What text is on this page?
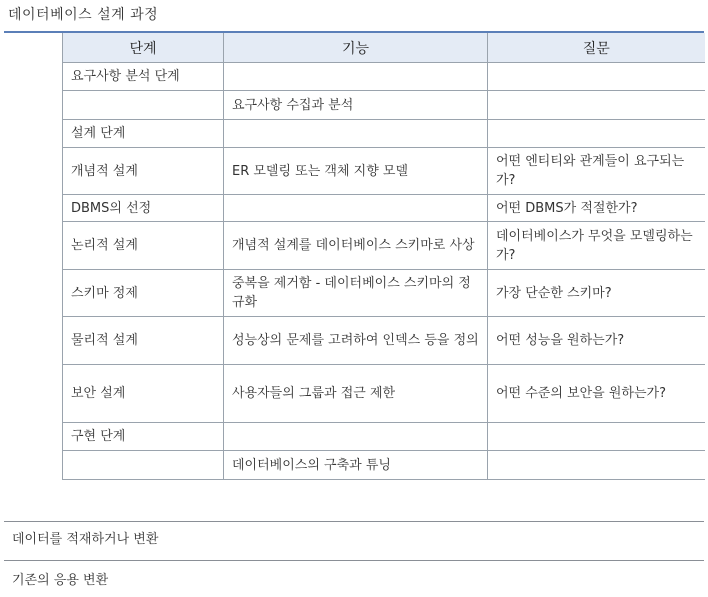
데이터베이스 설계 과정
단계	기능	질문
요구사항 분석 단계		
	요구사항 수집과 분석	
설계 단계		
개념적 설계	ER 모델링 또는 객체 지향 모델	어떤 엔티티와 관계들이 요구되는가?
DBMS의 선정		어떤 DBMS가 적절한가?
논리적 설계	개념적 설계를 데이터베이스 스키마로 사상	데이터베이스가 무엇을 모델링하는가?
스키마 정제	중복을 제거함 - 데이터베이스 스키마의 정규화	가장 단순한 스키마?
물리적 설계	성능상의 문제를 고려하여 인덱스 등을 정의	어떤 성능을 원하는가?
보안 설계	사용자들의 그룹과 접근 제한	어떤 수준의 보안을 원하는가?
구현 단계		
	데이터베이스의 구축과 튜닝	
데이터를 적재하거나 변환
기존의 응용 변환
